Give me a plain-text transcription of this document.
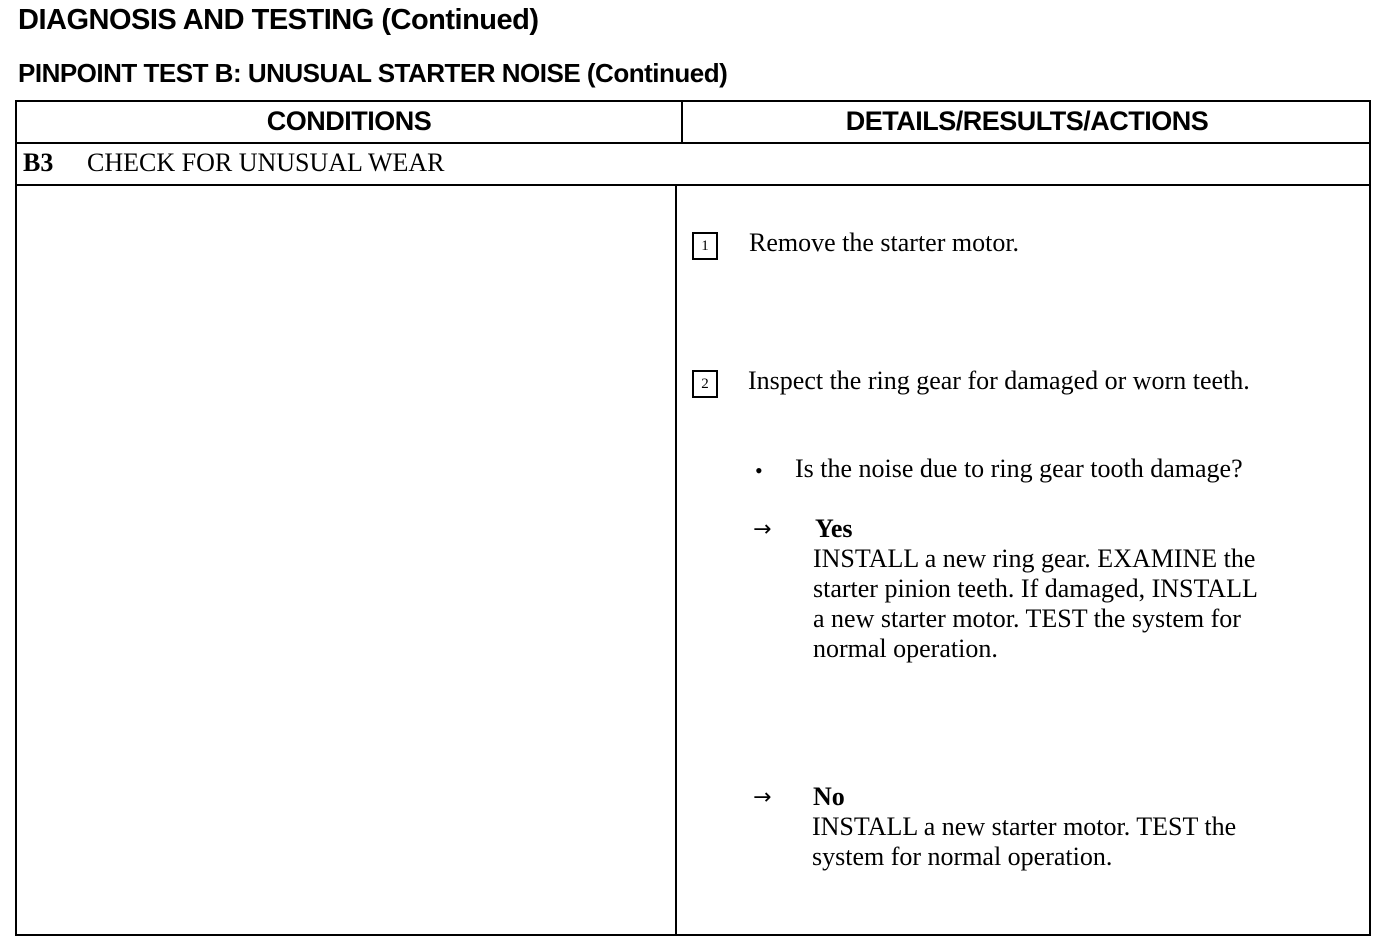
DIAGNOSIS AND TESTING (Continued)
PINPOINT TEST B: UNUSUAL STARTER NOISE (Continued)
CONDITIONS	DETAILS/RESULTS/ACTIONS
B3 CHECK FOR UNUSUAL WEAR
1	Remove the starter motor.
2	Inspect the ring gear for damaged or worn teeth.
• Is the noise due to ring gear tooth damage?
→ Yes
INSTALL a new ring gear. EXAMINE the
starter pinion teeth. If damaged, INSTALL
a new starter motor. TEST the system for
normal operation.
→ No
INSTALL a new starter motor. TEST the
system for normal operation.
